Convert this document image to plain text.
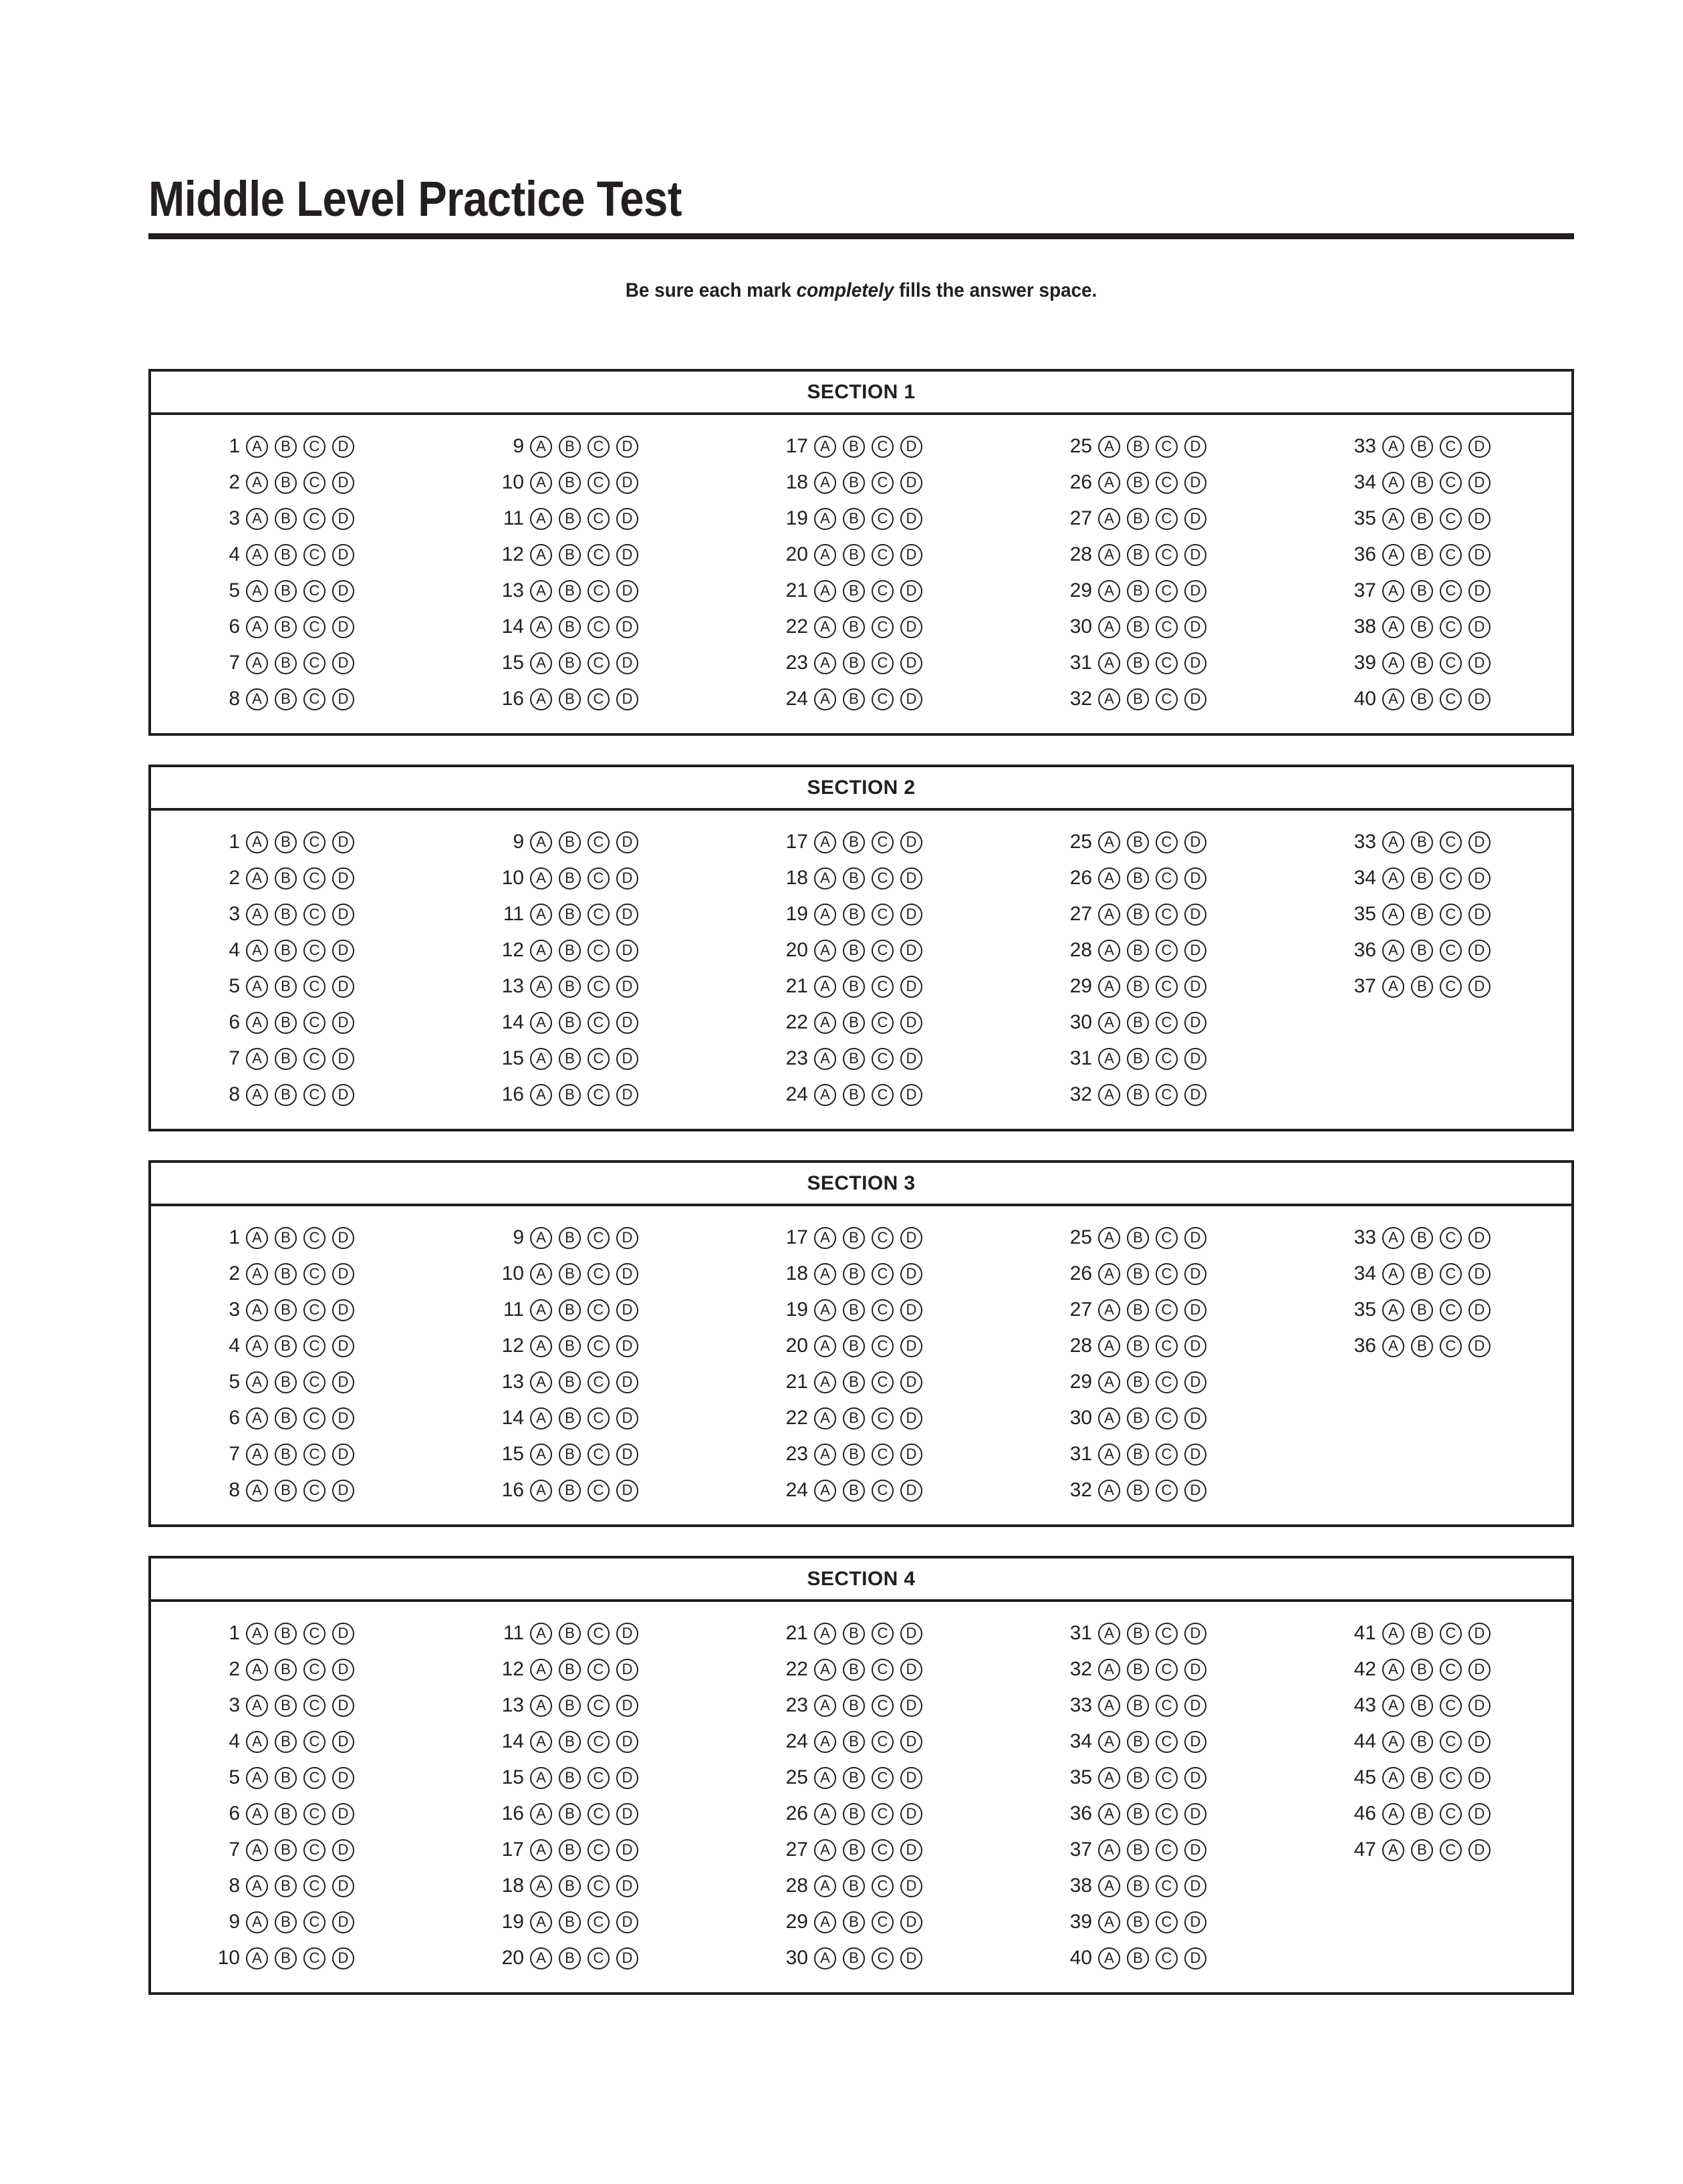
Middle Level Practice Test
Be sure each mark completely fills the answer space.
SECTION 1
1 A	B	C	D
2 A	B	C	D
3 A	B	C	D
4 A	B	C	D
5 A	B	C	D
6 A	B	C	D
7 A	B	C	D
8 A	B	C	D
9 A	B	C	D
10 A	B	C	D
11 A	B	C	D
12 A	B	C	D
13 A	B	C	D
14 A	B	C	D
15 A	B	C	D
16 A	B	C	D
17 A	B	C	D
18 A	B	C	D
19 A	B	C	D
20 A	B	C	D
21 A	B	C	D
22 A	B	C	D
23 A	B	C	D
24 A	B	C	D
25 A	B	C	D
26 A	B	C	D
27 A	B	C	D
28 A	B	C	D
29 A	B	C	D
30 A	B	C	D
31 A	B	C	D
32 A	B	C	D
33 A	B	C	D
34 A	B	C	D
35 A	B	C	D
36 A	B	C	D
37 A	B	C	D
38 A	B	C	D
39 A	B	C	D
40 A	B	C	D
SECTION 2
1 A	B	C	D
2 A	B	C	D
3 A	B	C	D
4 A	B	C	D
5 A	B	C	D
6 A	B	C	D
7 A	B	C	D
8 A	B	C	D
9 A	B	C	D
10 A	B	C	D
11 A	B	C	D
12 A	B	C	D
13 A	B	C	D
14 A	B	C	D
15 A	B	C	D
16 A	B	C	D
17 A	B	C	D
18 A	B	C	D
19 A	B	C	D
20 A	B	C	D
21 A	B	C	D
22 A	B	C	D
23 A	B	C	D
24 A	B	C	D
25 A	B	C	D
26 A	B	C	D
27 A	B	C	D
28 A	B	C	D
29 A	B	C	D
30 A	B	C	D
31 A	B	C	D
32 A	B	C	D
33 A	B	C	D
34 A	B	C	D
35 A	B	C	D
36 A	B	C	D
37 A	B	C	D
SECTION 3
1 A	B	C	D
2 A	B	C	D
3 A	B	C	D
4 A	B	C	D
5 A	B	C	D
6 A	B	C	D
7 A	B	C	D
8 A	B	C	D
9 A	B	C	D
10 A	B	C	D
11 A	B	C	D
12 A	B	C	D
13 A	B	C	D
14 A	B	C	D
15 A	B	C	D
16 A	B	C	D
17 A	B	C	D
18 A	B	C	D
19 A	B	C	D
20 A	B	C	D
21 A	B	C	D
22 A	B	C	D
23 A	B	C	D
24 A	B	C	D
25 A	B	C	D
26 A	B	C	D
27 A	B	C	D
28 A	B	C	D
29 A	B	C	D
30 A	B	C	D
31 A	B	C	D
32 A	B	C	D
33 A	B	C	D
34 A	B	C	D
35 A	B	C	D
36 A	B	C	D
SECTION 4
1 A	B	C	D
2 A	B	C	D
3 A	B	C	D
4 A	B	C	D
5 A	B	C	D
6 A	B	C	D
7 A	B	C	D
8 A	B	C	D
9 A	B	C	D
10 A	B	C	D
11 A	B	C	D
12 A	B	C	D
13 A	B	C	D
14 A	B	C	D
15 A	B	C	D
16 A	B	C	D
17 A	B	C	D
18 A	B	C	D
19 A	B	C	D
20 A	B	C	D
21 A	B	C	D
22 A	B	C	D
23 A	B	C	D
24 A	B	C	D
25 A	B	C	D
26 A	B	C	D
27 A	B	C	D
28 A	B	C	D
29 A	B	C	D
30 A	B	C	D
31 A	B	C	D
32 A	B	C	D
33 A	B	C	D
34 A	B	C	D
35 A	B	C	D
36 A	B	C	D
37 A	B	C	D
38 A	B	C	D
39 A	B	C	D
40 A	B	C	D
41 A	B	C	D
42 A	B	C	D
43 A	B	C	D
44 A	B	C	D
45 A	B	C	D
46 A	B	C	D
47 A	B	C	D
